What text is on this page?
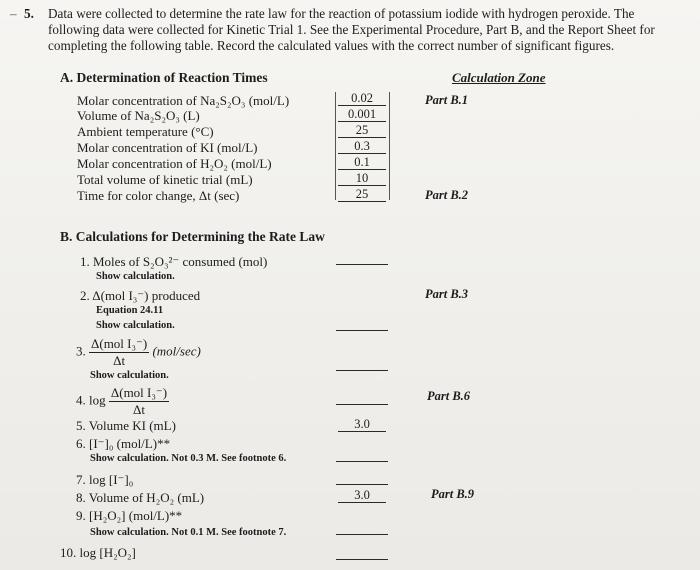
– 5. Data were collected to determine the rate law for the reaction of potassium iodide with hydrogen peroxide. The following data were collected for Kinetic Trial 1. See the Experimental Procedure, Part B, and the Report Sheet for completing the following table. Record the calculated values with the correct number of significant figures.
A. Determination of Reaction Times	Calculation Zone
Molar concentration of Na₂S₂O₃ (mol/L)	0.02
Volume of Na₂S₂O₃ (L)	0.001
Ambient temperature (°C)	25
Molar concentration of KI (mol/L)	0.3
Molar concentration of H₂O₂ (mol/L)	0.1
Total volume of kinetic trial (mL)	10
Time for color change, Δt (sec)	25
Part B.1
Part B.2
B. Calculations for Determining the Rate Law
1. Moles of S₂O₃²⁻ consumed (mol)
Show calculation.
2. Δ(mol I₃⁻) produced
Equation 24.11
Show calculation.
Part B.3
3. $\frac{\text{Δ(mol I₃⁻)}}{\Delta t} (mol/\sec)$
Show calculation.
4. $\log \frac{\text{Δ(mol I₃⁻)}}{\Delta t}$	Part B.6
5. Volume KI (mL)	3.0
6. [I⁻]₀ (mol/L)**
Show calculation. Not 0.3 M. See footnote 6.
7. log [I⁻]₀
8. Volume of H₂O₂ (mL)	3.0	Part B.9
9. [H₂O₂] (mol/L)**
Show calculation. Not 0.1 M. See footnote 7.
10. log [H₂O₂]
